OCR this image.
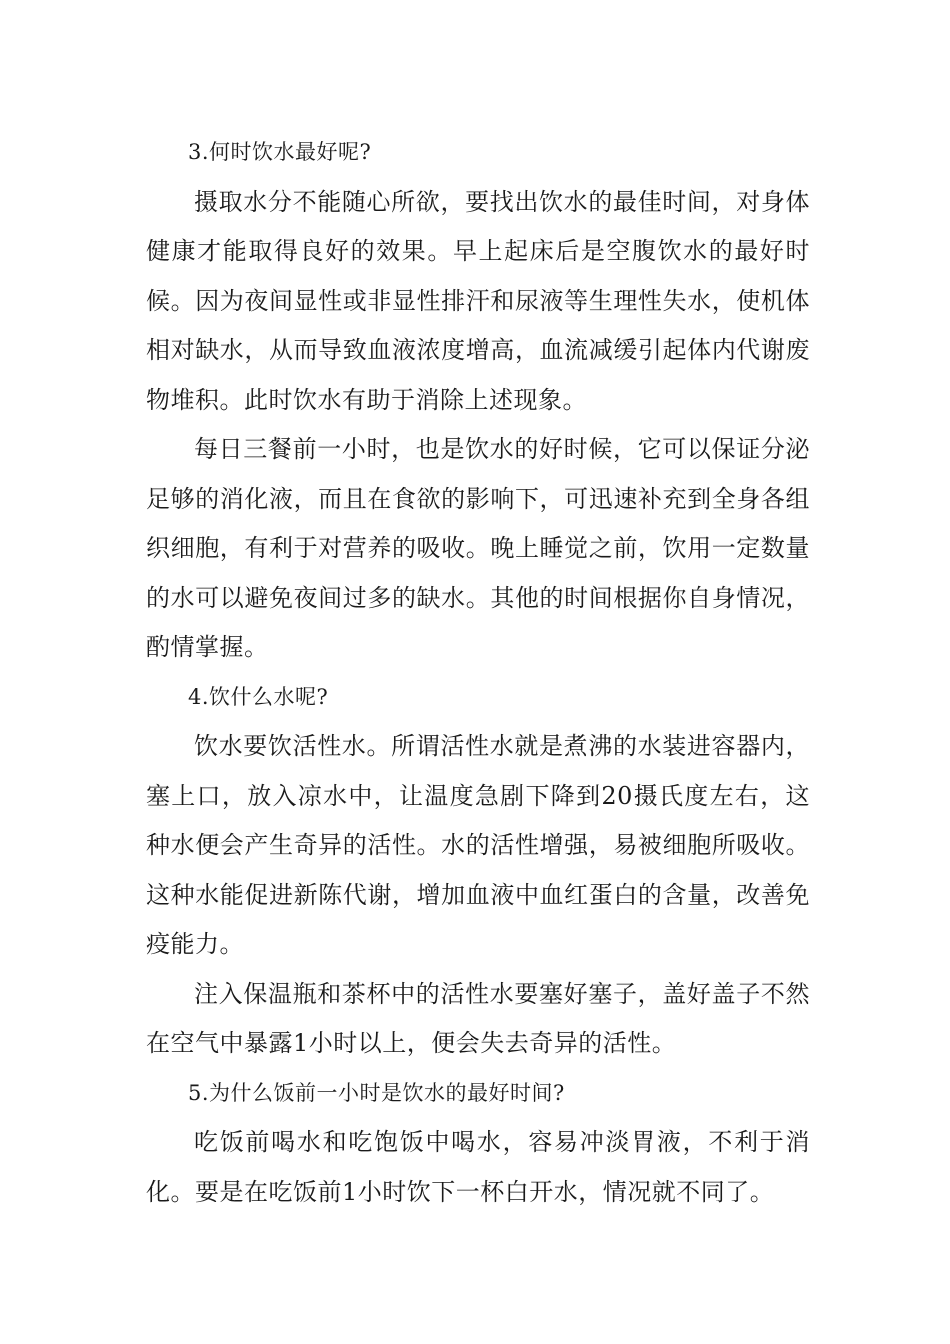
3.何时饮水最好呢?

摄取水分不能随心所欲，要找出饮水的最佳时间，对身体健康才能取得良好的效果。早上起床后是空腹饮水的最好时候。因为夜间显性或非显性排汗和尿液等生理性失水，使机体相对缺水，从而导致血液浓度增高，血流减缓引起体内代谢废物堆积。此时饮水有助于消除上述现象。

每日三餐前一小时，也是饮水的好时候，它可以保证分泌足够的消化液，而且在食欲的影响下，可迅速补充到全身各组织细胞，有利于对营养的吸收。晚上睡觉之前，饮用一定数量的水可以避免夜间过多的缺水。其他的时间根据你自身情况，酌情掌握。

4.饮什么水呢?

饮水要饮活性水。所谓活性水就是煮沸的水装进容器内，塞上口，放入凉水中，让温度急剧下降到20摄氏度左右，这种水便会产生奇异的活性。水的活性增强，易被细胞所吸收。这种水能促进新陈代谢，增加血液中血红蛋白的含量，改善免疫能力。

注入保温瓶和茶杯中的活性水要塞好塞子，盖好盖子不然在空气中暴露1小时以上，便会失去奇异的活性。

5.为什么饭前一小时是饮水的最好时间?

吃饭前喝水和吃饱饭中喝水，容易冲淡胃液，不利于消化。要是在吃饭前1小时饮下一杯白开水，情况就不同了。
